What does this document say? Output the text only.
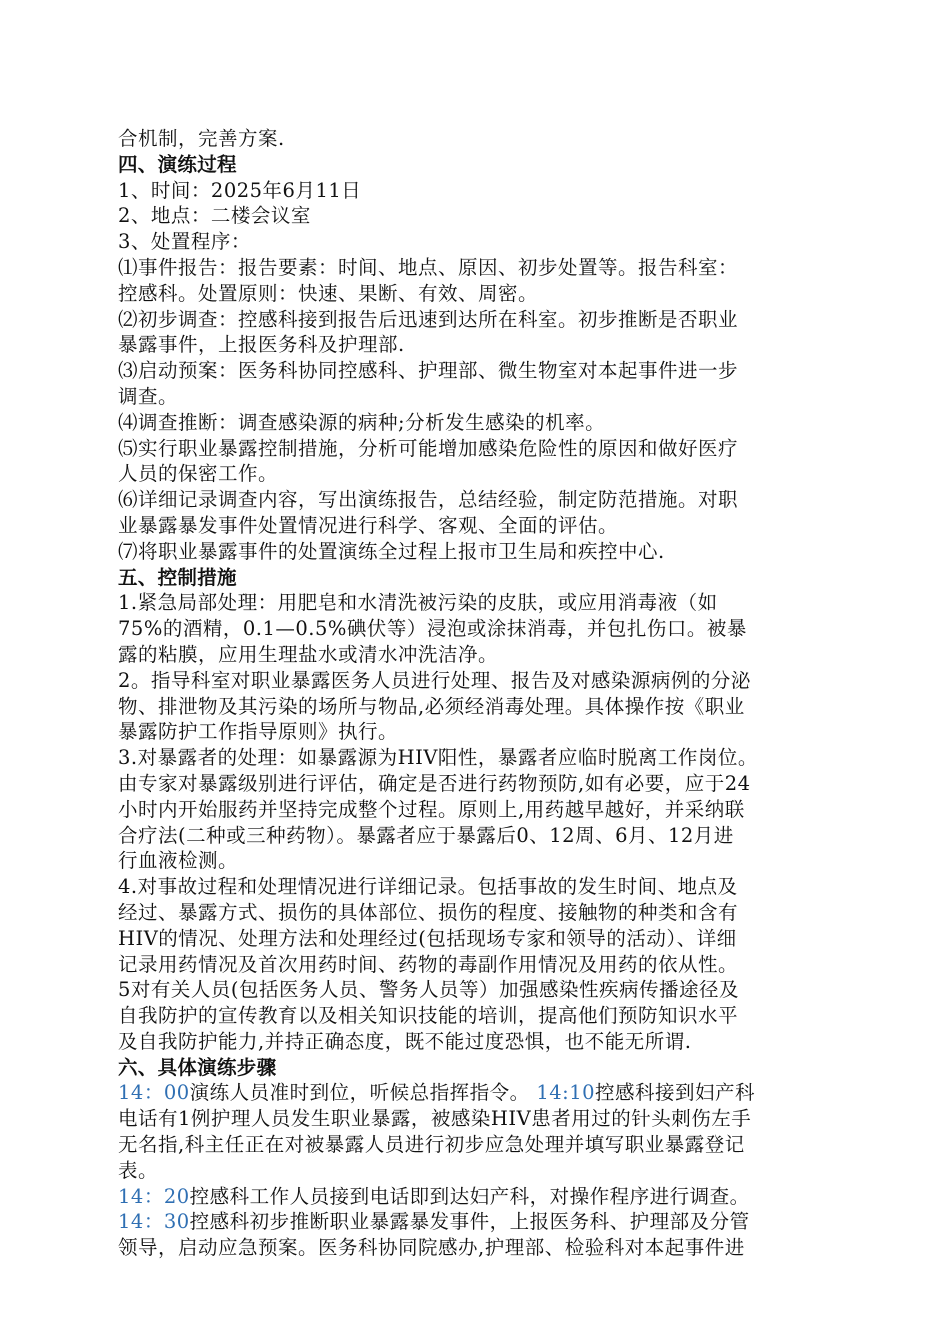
合机制，完善方案.
四、演练过程
1、时间：2025年6月11日
2、地点：二楼会议室
3、处置程序：
⑴事件报告：报告要素：时间、地点、原因、初步处置等。报告科室：
控感科。处置原则：快速、果断、有效、周密。
⑵初步调查：控感科接到报告后迅速到达所在科室。初步推断是否职业
暴露事件，上报医务科及护理部.
⑶启动预案：医务科协同控感科、护理部、微生物室对本起事件进一步
调查。
⑷调查推断：调查感染源的病种;分析发生感染的机率。
⑸实行职业暴露控制措施，分析可能增加感染危险性的原因和做好医疗
人员的保密工作。
⑹详细记录调查内容，写出演练报告，总结经验，制定防范措施。对职
业暴露暴发事件处置情况进行科学、客观、全面的评估。
⑺将职业暴露事件的处置演练全过程上报市卫生局和疾控中心.
五、控制措施
1.紧急局部处理：用肥皂和水清洗被污染的皮肤，或应用消毒液（如
75%的酒精，0.1—0.5%碘伏等）浸泡或涂抹消毒，并包扎伤口。被暴
露的粘膜，应用生理盐水或清水冲洗洁净。
2。指导科室对职业暴露医务人员进行处理、报告及对感染源病例的分泌
物、排泄物及其污染的场所与物品,必须经消毒处理。具体操作按《职业
暴露防护工作指导原则》执行。
3.对暴露者的处理：如暴露源为HIV阳性，暴露者应临时脱离工作岗位。
由专家对暴露级别进行评估，确定是否进行药物预防,如有必要，应于24
小时内开始服药并坚持完成整个过程。原则上,用药越早越好，并采纳联
合疗法(二种或三种药物）。暴露者应于暴露后0、12周、6月、12月进
行血液检测。
4.对事故过程和处理情况进行详细记录。包括事故的发生时间、地点及
经过、暴露方式、损伤的具体部位、损伤的程度、接触物的种类和含有
HIV的情况、处理方法和处理经过(包括现场专家和领导的活动）、详细
记录用药情况及首次用药时间、药物的毒副作用情况及用药的依从性。
5对有关人员(包括医务人员、警务人员等）加强感染性疾病传播途径及
自我防护的宣传教育以及相关知识技能的培训，提高他们预防知识水平
及自我防护能力,并持正确态度，既不能过度恐惧，也不能无所谓.
六、具体演练步骤
14：00演练人员准时到位，听候总指挥指令。 14:10控感科接到妇产科
电话有1例护理人员发生职业暴露，被感染HIV患者用过的针头刺伤左手
无名指,科主任正在对被暴露人员进行初步应急处理并填写职业暴露登记
表。
14：20控感科工作人员接到电话即到达妇产科，对操作程序进行调查。
14：30控感科初步推断职业暴露暴发事件，上报医务科、护理部及分管
领导，启动应急预案。医务科协同院感办,护理部、检验科对本起事件进
